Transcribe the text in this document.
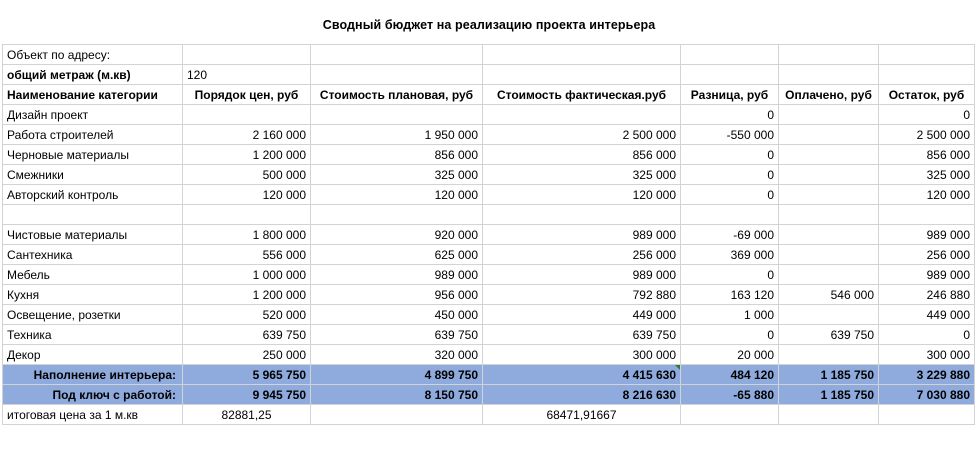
Сводный бюджет на реализацию проекта интерьера
Объект по адресу:						
общий метраж (м.кв)	120					
Наименование категории	Порядок цен, руб	Стоимость плановая, руб	Стоимость фактическая.руб	Разница, руб	Оплачено, руб	Остаток, руб
Дизайн проект				0		0
Работа строителей	2 160 000	1 950 000	2 500 000	-550 000		2 500 000
Черновые материалы	1 200 000	856 000	856 000	0		856 000
Смежники	500 000	325 000	325 000	0		325 000
Авторский контроль	120 000	120 000	120 000	0		120 000

Чистовые материалы	1 800 000	920 000	989 000	-69 000		989 000
Сантехника	556 000	625 000	256 000	369 000		256 000
Мебель	1 000 000	989 000	989 000	0		989 000
Кухня	1 200 000	956 000	792 880	163 120	546 000	246 880
Освещение, розетки	520 000	450 000	449 000	1 000		449 000
Техника	639 750	639 750	639 750	0	639 750	0
Декор	250 000	320 000	300 000	20 000		300 000
Наполнение интерьера:	5 965 750	4 899 750	4 415 630	484 120	1 185 750	3 229 880
Под ключ с работой:	9 945 750	8 150 750	8 216 630	-65 880	1 185 750	7 030 880
итоговая цена за 1 м.кв	82881,25		68471,91667			
